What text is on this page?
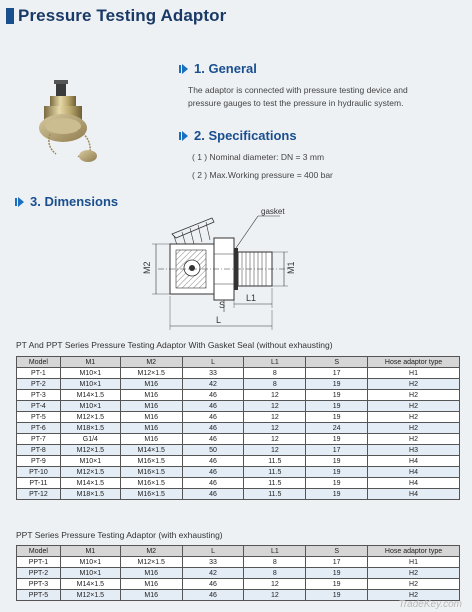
Pressure Testing Adaptor
1. General
The adaptor is connected with pressure testing device and
pressure gauges to test the pressure in hydraulic system.
2. Specifications
( 1 ) Nominal diameter: DN = 3 mm
( 2 ) Max.Working pressure = 400 bar
3. Dimensions
gasket
M2	M1
S
L1
L
PT And PPT Series Pressure Testing Adaptor With Gasket Seal (without exhausting)
Model	M1	M2	L	L1	S	Hose adaptor type
PT-1	M10×1	M12×1.5	33	8	17	H1
PT-2	M10×1	M16	42	8	19	H2
PT-3	M14×1.5	M16	46	12	19	H2
PT-4	M10×1	M16	46	12	19	H2
PT-5	M12×1.5	M16	46	12	19	H2
PT-6	M18×1.5	M16	46	12	24	H2
PT-7	G1/4	M16	46	12	19	H2
PT-8	M12×1.5	M14×1.5	50	12	17	H3
PT-9	M10×1	M16×1.5	46	11.5	19	H4
PT-10	M12×1.5	M16×1.5	46	11.5	19	H4
PT-11	M14×1.5	M16×1.5	46	11.5	19	H4
PT-12	M18×1.5	M16×1.5	46	11.5	19	H4
PPT Series Pressure Testing Adaptor (with exhausting)
Model	M1	M2	L	L1	S	Hose adaptor type
PPT-1	M10×1	M12×1.5	33	8	17	H1
PPT-2	M10×1	M16	42	8	19	H2
PPT-3	M14×1.5	M16	46	12	19	H2
PPT-5	M12×1.5	M16	46	12	19	H2
TradeKey.com
